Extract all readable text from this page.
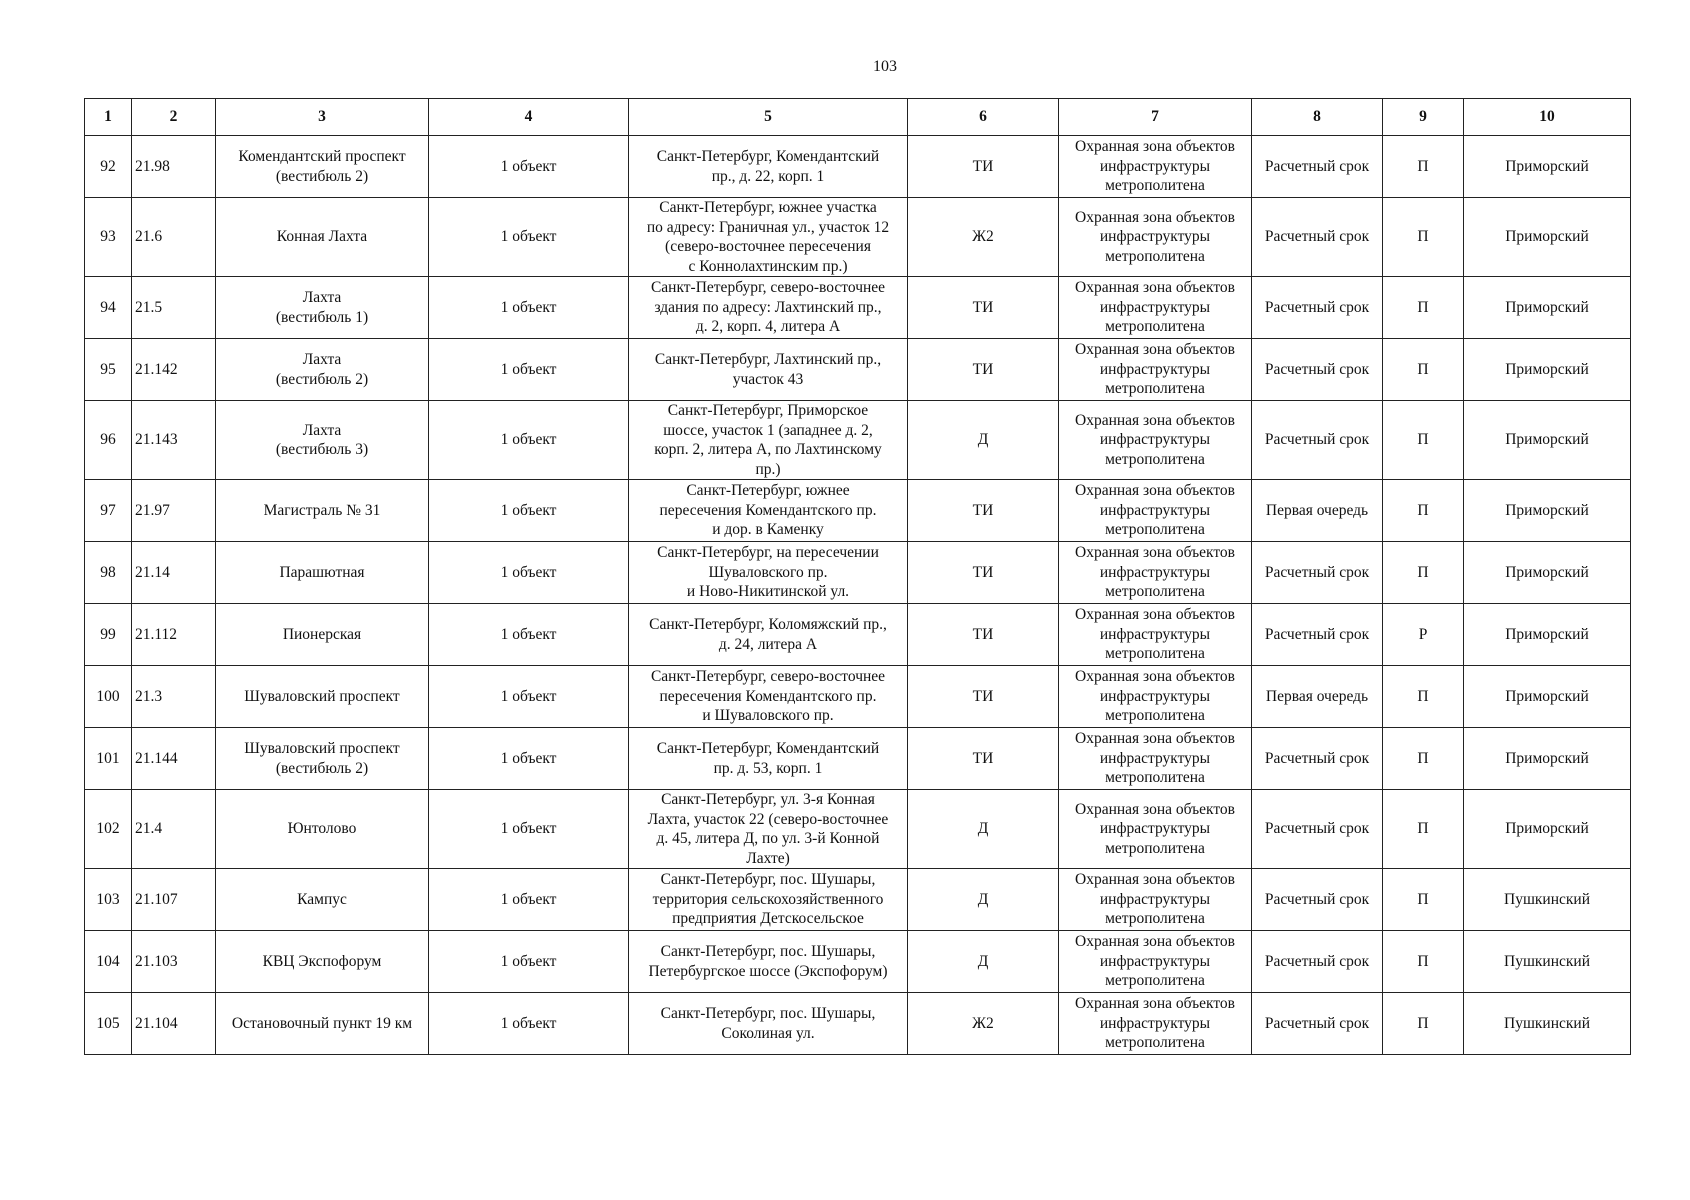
103
1	2	3	4	5	6	7	8	9	10
92	21.98	Комендантский проспект
(вестибюль 2)	1 объект	Санкт-Петербург, Комендантский
пр., д. 22, корп. 1	ТИ	Охранная зона объектов
инфраструктуры
метрополитена	Расчетный срок	П	Приморский
93	21.6	Конная Лахта	1 объект	Санкт-Петербург, южнее участка
по адресу: Граничная ул., участок 12
(северо-восточнее пересечения
с Коннолахтинским пр.)	Ж2	Охранная зона объектов
инфраструктуры
метрополитена	Расчетный срок	П	Приморский
94	21.5	Лахта
(вестибюль 1)	1 объект	Санкт-Петербург, северо-восточнее
здания по адресу: Лахтинский пр.,
д. 2, корп. 4, литера А	ТИ	Охранная зона объектов
инфраструктуры
метрополитена	Расчетный срок	П	Приморский
95	21.142	Лахта
(вестибюль 2)	1 объект	Санкт-Петербург, Лахтинский пр.,
участок 43	ТИ	Охранная зона объектов
инфраструктуры
метрополитена	Расчетный срок	П	Приморский
96	21.143	Лахта
(вестибюль 3)	1 объект	Санкт-Петербург, Приморское
шоссе, участок 1 (западнее д. 2,
корп. 2, литера А, по Лахтинскому
пр.)	Д	Охранная зона объектов
инфраструктуры
метрополитена	Расчетный срок	П	Приморский
97	21.97	Магистраль № 31	1 объект	Санкт-Петербург, южнее
пересечения Комендантского пр.
и дор. в Каменку	ТИ	Охранная зона объектов
инфраструктуры
метрополитена	Первая очередь	П	Приморский
98	21.14	Парашютная	1 объект	Санкт-Петербург, на пересечении
Шуваловского пр.
и Ново-Никитинской ул.	ТИ	Охранная зона объектов
инфраструктуры
метрополитена	Расчетный срок	П	Приморский
99	21.112	Пионерская	1 объект	Санкт-Петербург, Коломяжский пр.,
д. 24, литера А	ТИ	Охранная зона объектов
инфраструктуры
метрополитена	Расчетный срок	Р	Приморский
100	21.3	Шуваловский проспект	1 объект	Санкт-Петербург, северо-восточнее
пересечения Комендантского пр.
и Шуваловского пр.	ТИ	Охранная зона объектов
инфраструктуры
метрополитена	Первая очередь	П	Приморский
101	21.144	Шуваловский проспект
(вестибюль 2)	1 объект	Санкт-Петербург, Комендантский
пр. д. 53, корп. 1	ТИ	Охранная зона объектов
инфраструктуры
метрополитена	Расчетный срок	П	Приморский
102	21.4	Юнтолово	1 объект	Санкт-Петербург, ул. 3-я Конная
Лахта, участок 22 (северо-восточнее
д. 45, литера Д, по ул. 3-й Конной
Лахте)	Д	Охранная зона объектов
инфраструктуры
метрополитена	Расчетный срок	П	Приморский
103	21.107	Кампус	1 объект	Санкт-Петербург, пос. Шушары,
территория сельскохозяйственного
предприятия Детскосельское	Д	Охранная зона объектов
инфраструктуры
метрополитена	Расчетный срок	П	Пушкинский
104	21.103	КВЦ Экспофорум	1 объект	Санкт-Петербург, пос. Шушары,
Петербургское шоссе (Экспофорум)	Д	Охранная зона объектов
инфраструктуры
метрополитена	Расчетный срок	П	Пушкинский
105	21.104	Остановочный пункт 19 км	1 объект	Санкт-Петербург, пос. Шушары,
Соколиная ул.	Ж2	Охранная зона объектов
инфраструктуры
метрополитена	Расчетный срок	П	Пушкинский
